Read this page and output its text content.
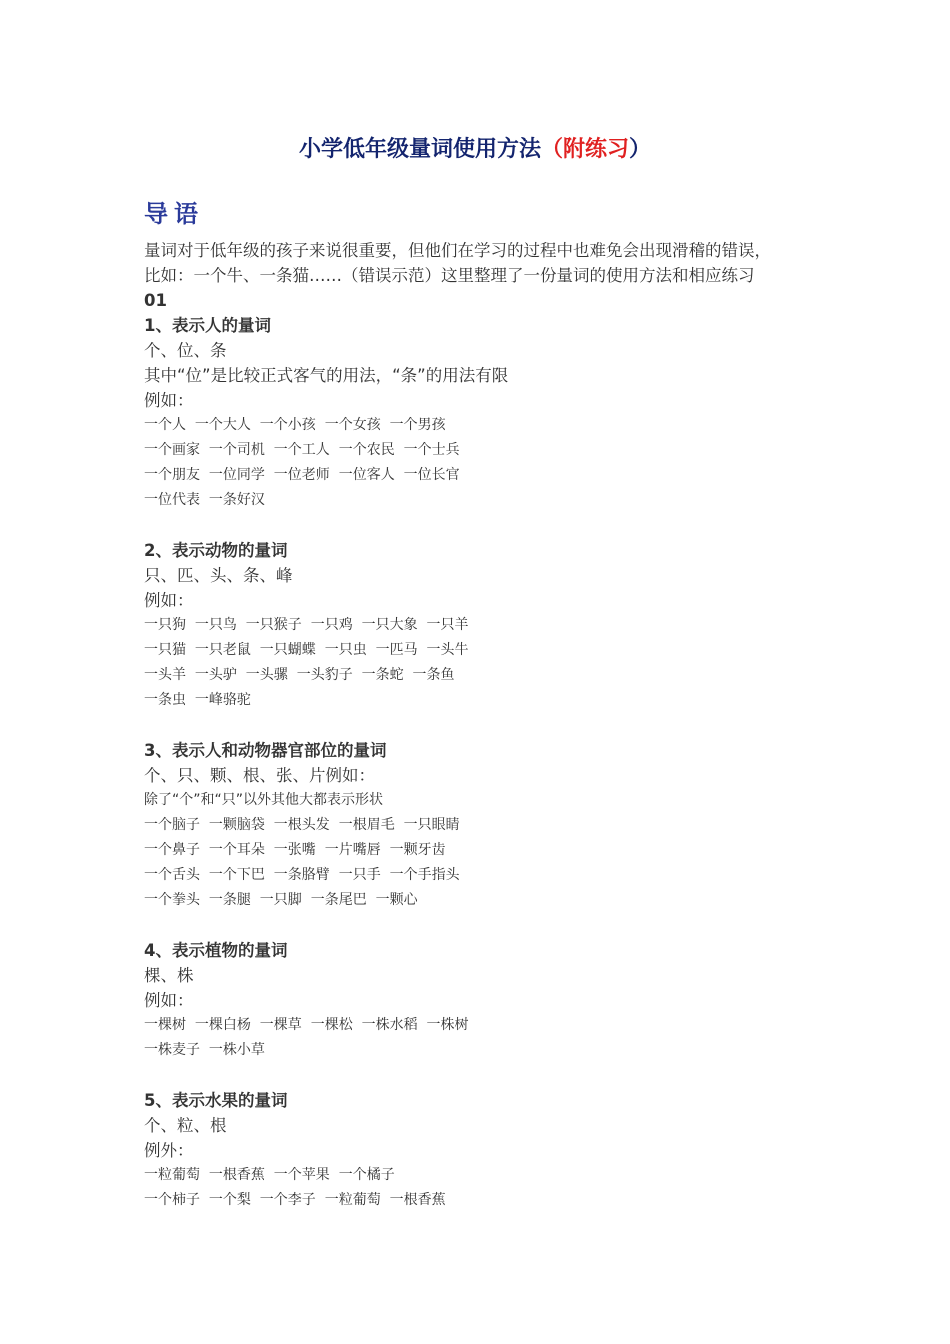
小学低年级量词使用方法（附练习）
导语
量词对于低年级的孩子来说很重要，但他们在学习的过程中也难免会出现滑稽的错误，
比如：一个牛、一条猫……（错误示范）这里整理了一份量词的使用方法和相应练习
01
1、表示人的量词
个、位、条
其中“位”是比较正式客气的用法，“条”的用法有限
例如：
一个人  一个大人  一个小孩  一个女孩  一个男孩
一个画家  一个司机  一个工人  一个农民  一个士兵
一个朋友  一位同学  一位老师  一位客人  一位长官
一位代表  一条好汉
2、表示动物的量词
只、匹、头、条、峰
例如：
一只狗  一只鸟  一只猴子  一只鸡  一只大象  一只羊
一只猫  一只老鼠  一只蝴蝶  一只虫  一匹马  一头牛
一头羊  一头驴  一头骡  一头豹子  一条蛇  一条鱼
一条虫  一峰骆驼
3、表示人和动物器官部位的量词
个、只、颗、根、张、片例如：
除了“个”和“只”以外其他大都表示形状
一个脑子  一颗脑袋  一根头发  一根眉毛  一只眼睛
一个鼻子  一个耳朵  一张嘴  一片嘴唇  一颗牙齿
一个舌头  一个下巴  一条胳臂  一只手  一个手指头
一个拳头  一条腿  一只脚  一条尾巴  一颗心
4、表示植物的量词
棵、株
例如：
一棵树  一棵白杨  一棵草  一棵松  一株水稻  一株树
一株麦子  一株小草
5、表示水果的量词
个、粒、根
例外：
一粒葡萄  一根香蕉  一个苹果  一个橘子
一个柿子  一个梨  一个李子  一粒葡萄  一根香蕉
